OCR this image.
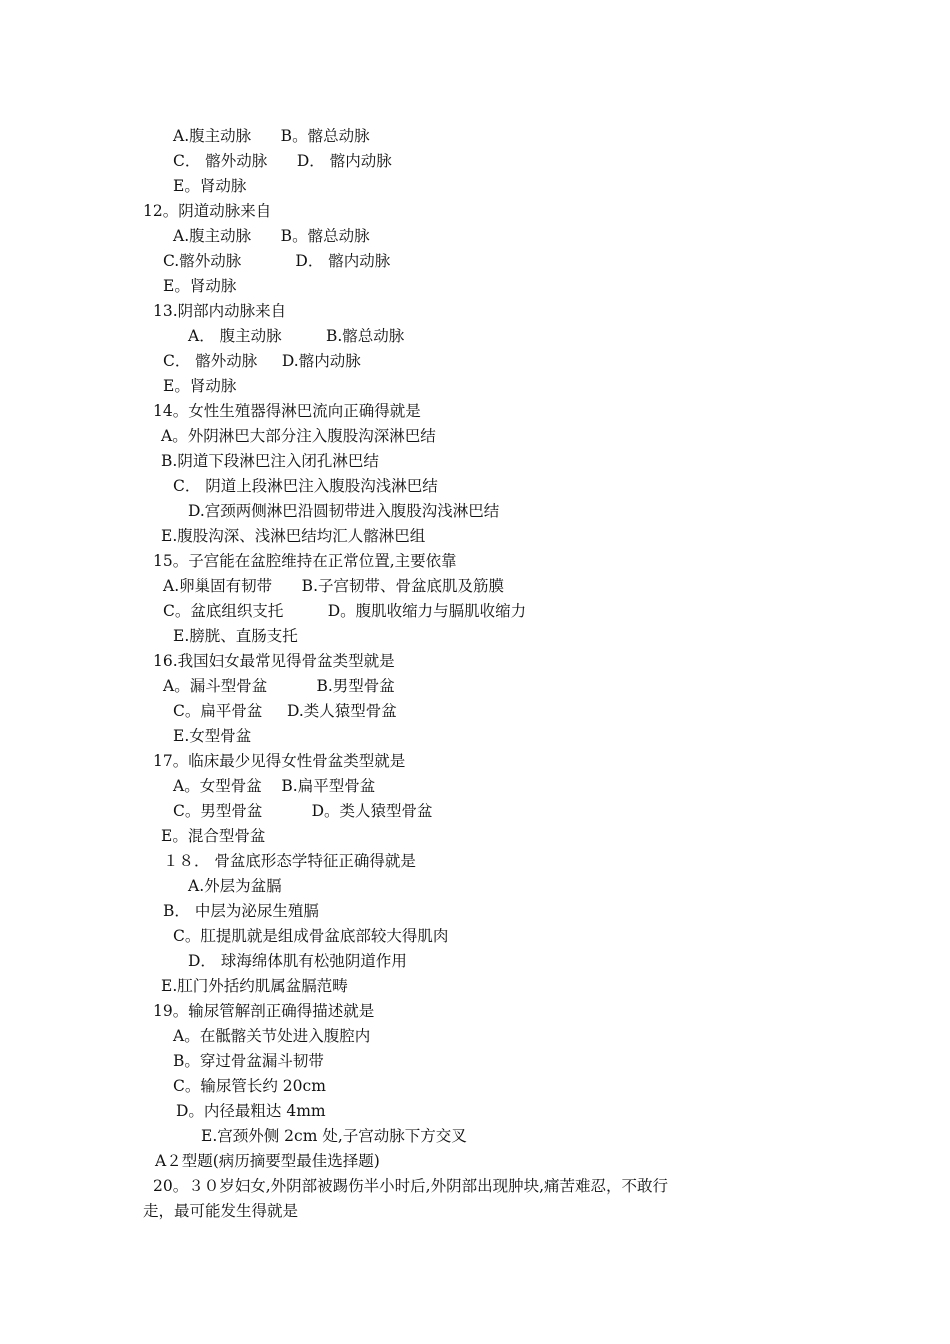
A.腹主动脉      B。髂总动脉
C． 髂外动脉      D． 髂内动脉
E。肾动脉
12。阴道动脉来自
A.腹主动脉      B。髂总动脉
C.髂外动脉           D． 髂内动脉
E。肾动脉
13.阴部内动脉来自
A． 腹主动脉         B.髂总动脉
C． 髂外动脉     D.髂内动脉
E。肾动脉
14。女性生殖器得淋巴流向正确得就是
A。外阴淋巴大部分注入腹股沟深淋巴结
B.阴道下段淋巴注入闭孔淋巴结
C． 阴道上段淋巴注入腹股沟浅淋巴结
D.宫颈两侧淋巴沿圆韧带进入腹股沟浅淋巴结
E.腹股沟深、浅淋巴结均汇人髂淋巴组
15。子宫能在盆腔维持在正常位置,主要依靠
A.卵巢固有韧带      B.子宫韧带、骨盆底肌及筋膜
C。盆底组织支托         D。腹肌收缩力与膈肌收缩力
E.膀胱、直肠支托
16.我国妇女最常见得骨盆类型就是
A。漏斗型骨盆          B.男型骨盆
C。扁平骨盆     D.类人猿型骨盆
E.女型骨盆
17。临床最少见得女性骨盆类型就是
A。女型骨盆    B.扁平型骨盆
C。男型骨盆          D。类人猿型骨盆
E。混合型骨盆
１８． 骨盆底形态学特征正确得就是
A.外层为盆膈
B． 中层为泌尿生殖膈
C。肛提肌就是组成骨盆底部较大得肌肉
D． 球海绵体肌有松弛阴道作用
E.肛门外括约肌属盆膈范畴
19。输尿管解剖正确得描述就是
A。在骶髂关节处进入腹腔内
B。穿过骨盆漏斗韧带
C。输尿管长约 20cm
D。内径最粗达 4mm
E.宫颈外侧 2cm 处,子宫动脉下方交叉
A２型题(病历摘要型最佳选择题)
20。３０岁妇女,外阴部被踢伤半小时后,外阴部出现肿块,痛苦难忍，不敢行
走，最可能发生得就是
